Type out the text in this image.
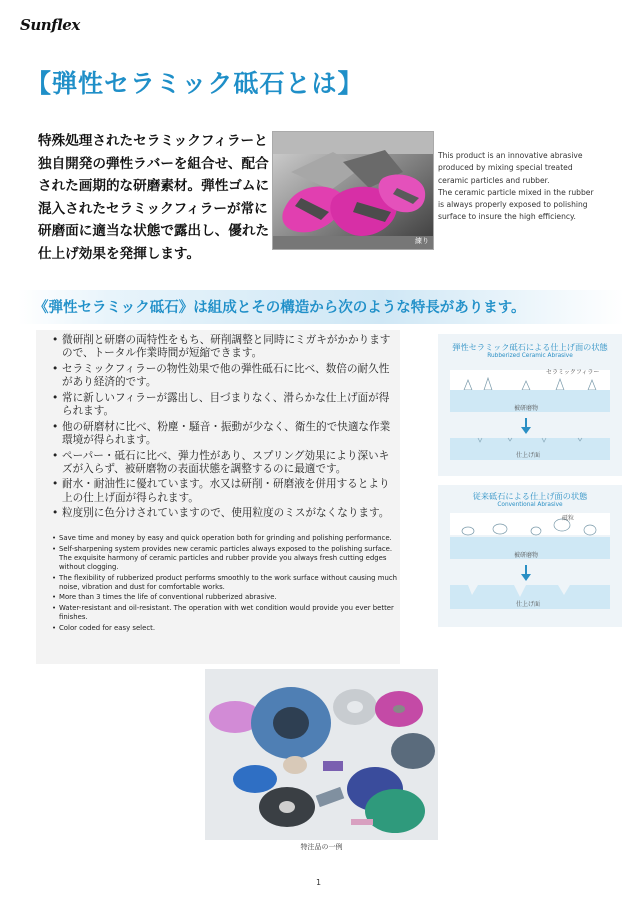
Sunflex
【弾性セラミック砥石とは】
特殊処理されたセラミックフィラーと
独自開発の弾性ラバーを組合せ、配合
された画期的な研磨素材。弾性ゴムに
混入されたセラミックフィラーが常に
研磨面に適当な状態で露出し、優れた
仕上げ効果を発揮します。
練り
This product is an innovative abrasive
produced by mixing special treated
ceramic particles and rubber.
The ceramic particle mixed in the rubber
is always properly exposed to polishing
surface to insure the high efficiency.
《弾性セラミック砥石》は組成とその構造から次のような特長があります。
• 微研削と研磨の両特性をもち、研削調整と同時にミガキがかかりますので、トータル作業時間が短縮できます。
• セラミックフィラーの物性効果で他の弾性砥石に比べ、数倍の耐久性があり経済的です。
• 常に新しいフィラーが露出し、目づまりなく、滑らかな仕上げ面が得られます。
• 他の研磨材に比べ、粉塵・騒音・振動が少なく、衛生的で快適な作業環境が得られます。
• ペーパー・砥石に比べ、弾力性があり、スプリング効果により深いキズが入らず、被研磨物の表面状態を調整するのに最適です。
• 耐水・耐油性に優れています。水又は研削・研磨液を併用するとより上の仕上げ面が得られます。
• 粒度別に色分けされていますので、使用粒度のミスがなくなります。
• Save time and money by easy and quick operation both for grinding and polishing performance.
• Self-sharpening system provides new ceramic particles always exposed to the polishing surface. The exquisite harmony of ceramic particles and rubber provide you always fresh cutting edges without clogging.
• The flexibility of rubberized product performs smoothly to the work surface without causing much noise, vibration and dust for comfortable works.
• More than 3 times the life of conventional rubberized abrasive.
• Water-resistant and oil-resistant. The operation with wet condition would provide you ever better finishes.
• Color coded for easy select.
弾性セラミック砥石による仕上げ面の状態
Rubberized Ceramic Abrasive
セラミックフィラー
被研磨物
仕上げ面
従来砥石による仕上げ面の状態
Conventional Abrasive
砥粒
被研磨物
仕上げ面
特注品の一例
1
